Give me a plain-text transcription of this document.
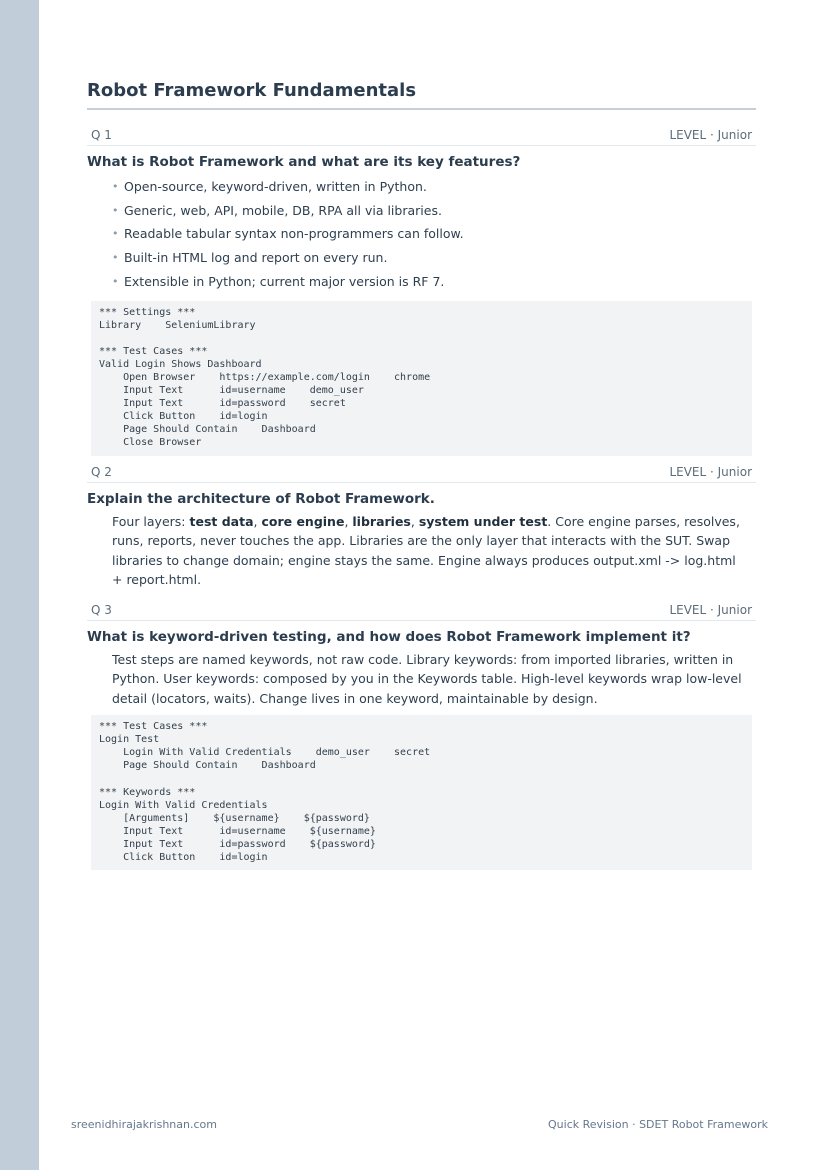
Robot Framework Fundamentals
Q 1	LEVEL · Junior
What is Robot Framework and what are its key features?
• Open-source, keyword-driven, written in Python.
• Generic, web, API, mobile, DB, RPA all via libraries.
• Readable tabular syntax non-programmers can follow.
• Built-in HTML log and report on every run.
• Extensible in Python; current major version is RF 7.
*** Settings ***
Library    SeleniumLibrary

*** Test Cases ***
Valid Login Shows Dashboard
Open Browser    https://example.com/login    chrome
Input Text      id=username    demo_user
Input Text      id=password    secret
Click Button    id=login
Page Should Contain    Dashboard
Close Browser
Q 2	LEVEL · Junior
Explain the architecture of Robot Framework.

Four layers: test data, core engine, libraries, system under test. Core engine parses, resolves, runs, reports, never touches the app. Libraries are the only layer that interacts with the SUT. Swap libraries to change domain; engine stays the same. Engine always produces output.xml -> log.html + report.html.

Q 3	LEVEL · Junior
What is keyword-driven testing, and how does Robot Framework implement it?

Test steps are named keywords, not raw code. Library keywords: from imported libraries, written in Python. User keywords: composed by you in the Keywords table. High-level keywords wrap low-level detail (locators, waits). Change lives in one keyword, maintainable by design.

*** Test Cases ***
Login Test
Login With Valid Credentials    demo_user    secret
Page Should Contain    Dashboard

*** Keywords ***
Login With Valid Credentials
[Arguments]    ${username}    ${password}
Input Text      id=username    ${username}
Input Text      id=password    ${password}
Click Button    id=login
sreenidhirajakrishnan.com	Quick Revision · SDET Robot Framework
